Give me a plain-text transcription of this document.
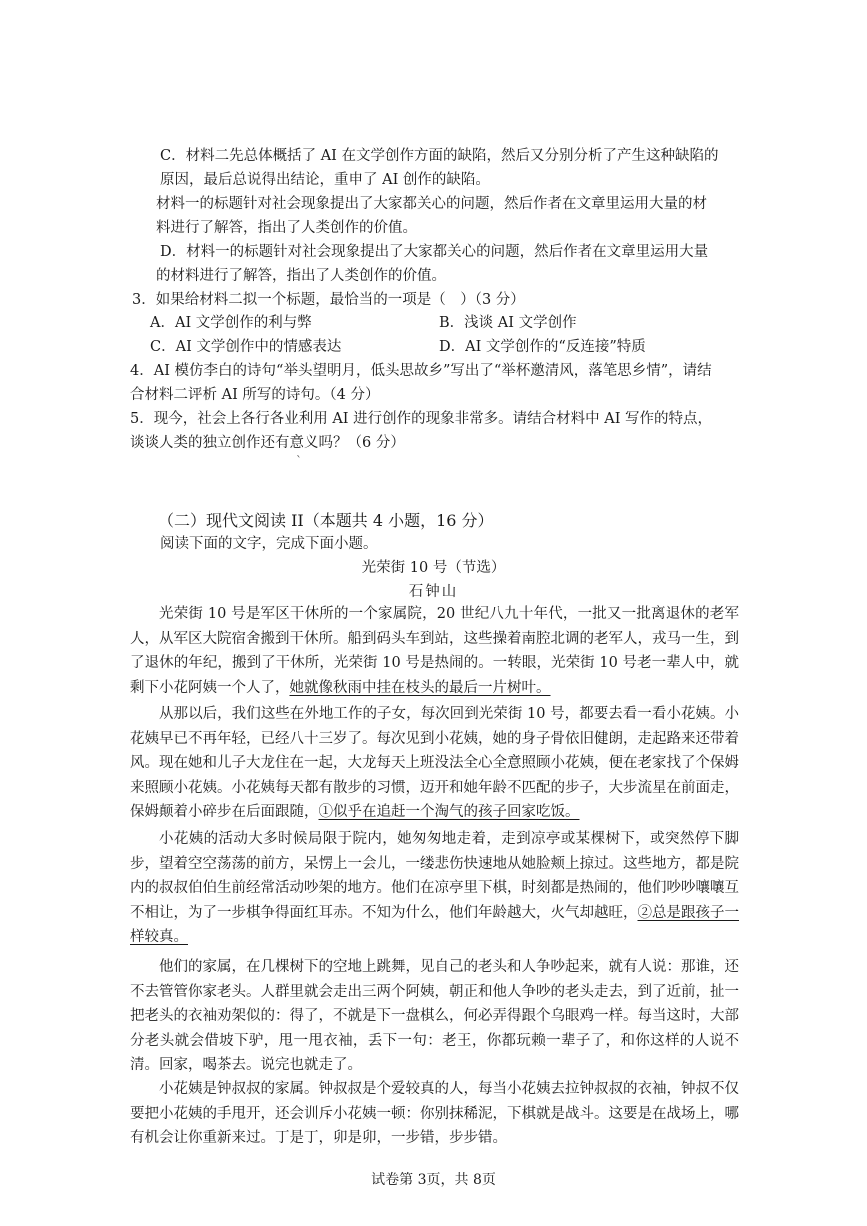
C．材料二先总体概括了 AI 在文学创作方面的缺陷，然后又分别分析了产生这种缺陷的
原因，最后总说得出结论，重申了 AI 创作的缺陷。
材料一的标题针对社会现象提出了大家都关心的问题，然后作者在文章里运用大量的材
料进行了解答，指出了人类创作的价值。
D．材料一的标题针对社会现象提出了大家都关心的问题，然后作者在文章里运用大量
的材料进行了解答，指出了人类创作的价值。
3．如果给材料二拟一个标题，最恰当的一项是（　）（3 分）
A．AI 文学创作的利与弊	B．浅谈 AI 文学创作
C．AI 文学创作中的情感表达	D．AI 文学创作的“反连接”特质
4．AI 模仿李白的诗句“举头望明月，低头思故乡”写出了“举杯邀清风，落笔思乡情”，请结
合材料二评析 AI 所写的诗句。（4 分）
5．现今，社会上各行各业利用 AI 进行创作的现象非常多。请结合材料中 AI 写作的特点，
谈谈人类的独立创作还有意义吗？（6 分）
`
（二）现代文阅读 II（本题共 4 小题，16 分）
阅读下面的文字，完成下面小题。
光荣街 10 号（节选）
石钟山
光荣街 10 号是军区干休所的一个家属院，20 世纪八九十年代，一批又一批离退休的老军人，从军区大院宿舍搬到干休所。船到码头车到站，这些操着南腔北调的老军人，戎马一生，到了退休的年纪，搬到了干休所，光荣街 10 号是热闹的。一转眼，光荣街 10 号老一辈人中，就剩下小花阿姨一个人了，她就像秋雨中挂在枝头的最后一片树叶。
从那以后，我们这些在外地工作的子女，每次回到光荣街 10 号，都要去看一看小花姨。小花姨早已不再年轻，已经八十三岁了。每次见到小花姨，她的身子骨依旧健朗，走起路来还带着风。现在她和儿子大龙住在一起，大龙每天上班没法全心全意照顾小花姨，便在老家找了个保姆来照顾小花姨。小花姨每天都有散步的习惯，迈开和她年龄不匹配的步子，大步流星在前面走，保姆颠着小碎步在后面跟随，①似乎在追赶一个淘气的孩子回家吃饭。
小花姨的活动大多时候局限于院内，她匆匆地走着，走到凉亭或某棵树下，或突然停下脚步，望着空空荡荡的前方，呆愣上一会儿，一缕悲伤快速地从她脸颊上掠过。这些地方，都是院内的叔叔伯伯生前经常活动吵架的地方。他们在凉亭里下棋，时刻都是热闹的，他们吵吵嚷嚷互不相让，为了一步棋争得面红耳赤。不知为什么，他们年龄越大，火气却越旺，②总是跟孩子一样较真。
他们的家属，在几棵树下的空地上跳舞，见自己的老头和人争吵起来，就有人说：那谁，还不去管管你家老头。人群里就会走出三两个阿姨，朝正和他人争吵的老头走去，到了近前，扯一把老头的衣袖劝架似的：得了，不就是下一盘棋么，何必弄得跟个乌眼鸡一样。每当这时，大部分老头就会借坡下驴，甩一甩衣袖，丢下一句：老王，你都玩赖一辈子了，和你这样的人说不清。回家，喝茶去。说完也就走了。
小花姨是钟叔叔的家属。钟叔叔是个爱较真的人，每当小花姨去拉钟叔叔的衣袖，钟叔不仅要把小花姨的手甩开，还会训斥小花姨一顿：你别抹稀泥，下棋就是战斗。这要是在战场上，哪有机会让你重新来过。丁是丁，卯是卯，一步错，步步错。
试卷第 3页，共 8页
